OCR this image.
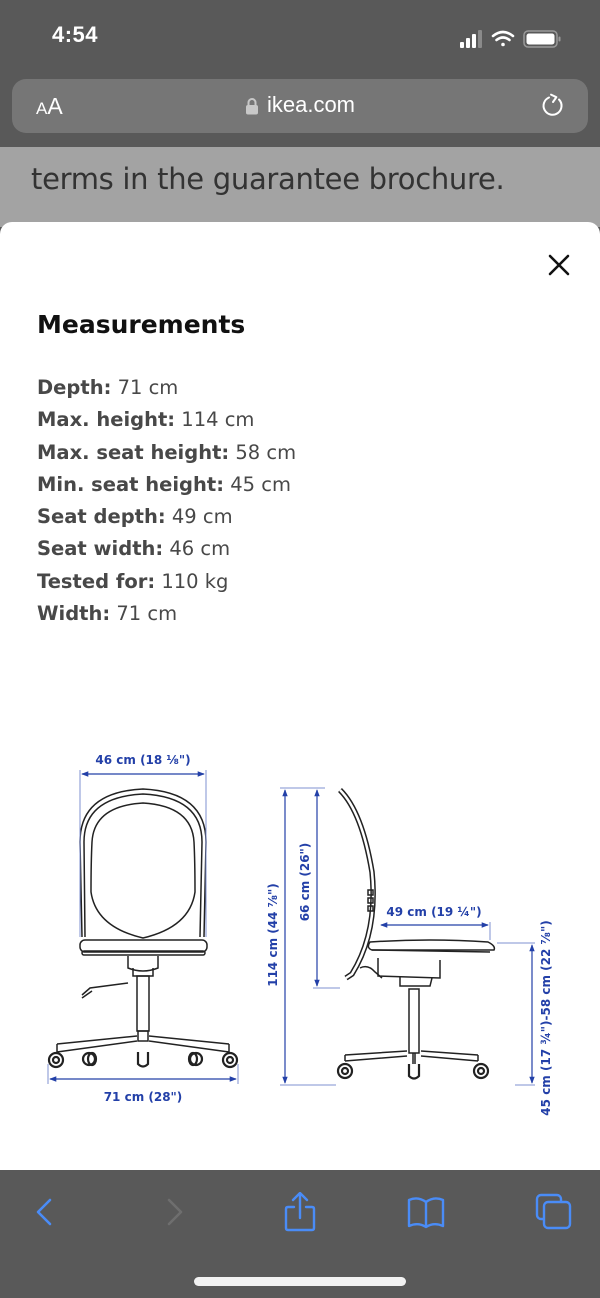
4:54
AA	ikea.com
terms in the guarantee brochure.
Measurements
Depth: 71 cm
Max. height: 114 cm
Max. seat height: 58 cm
Min. seat height: 45 cm
Seat depth: 49 cm
Seat width: 46 cm
Tested for: 110 kg
Width: 71 cm
46 cm (18 ⅛")
71 cm (28")
114 cm (44 ⅞")
66 cm (26")	49 cm (19 ¼")
45 cm (17 ¾")-58 cm (22 ⅞")
